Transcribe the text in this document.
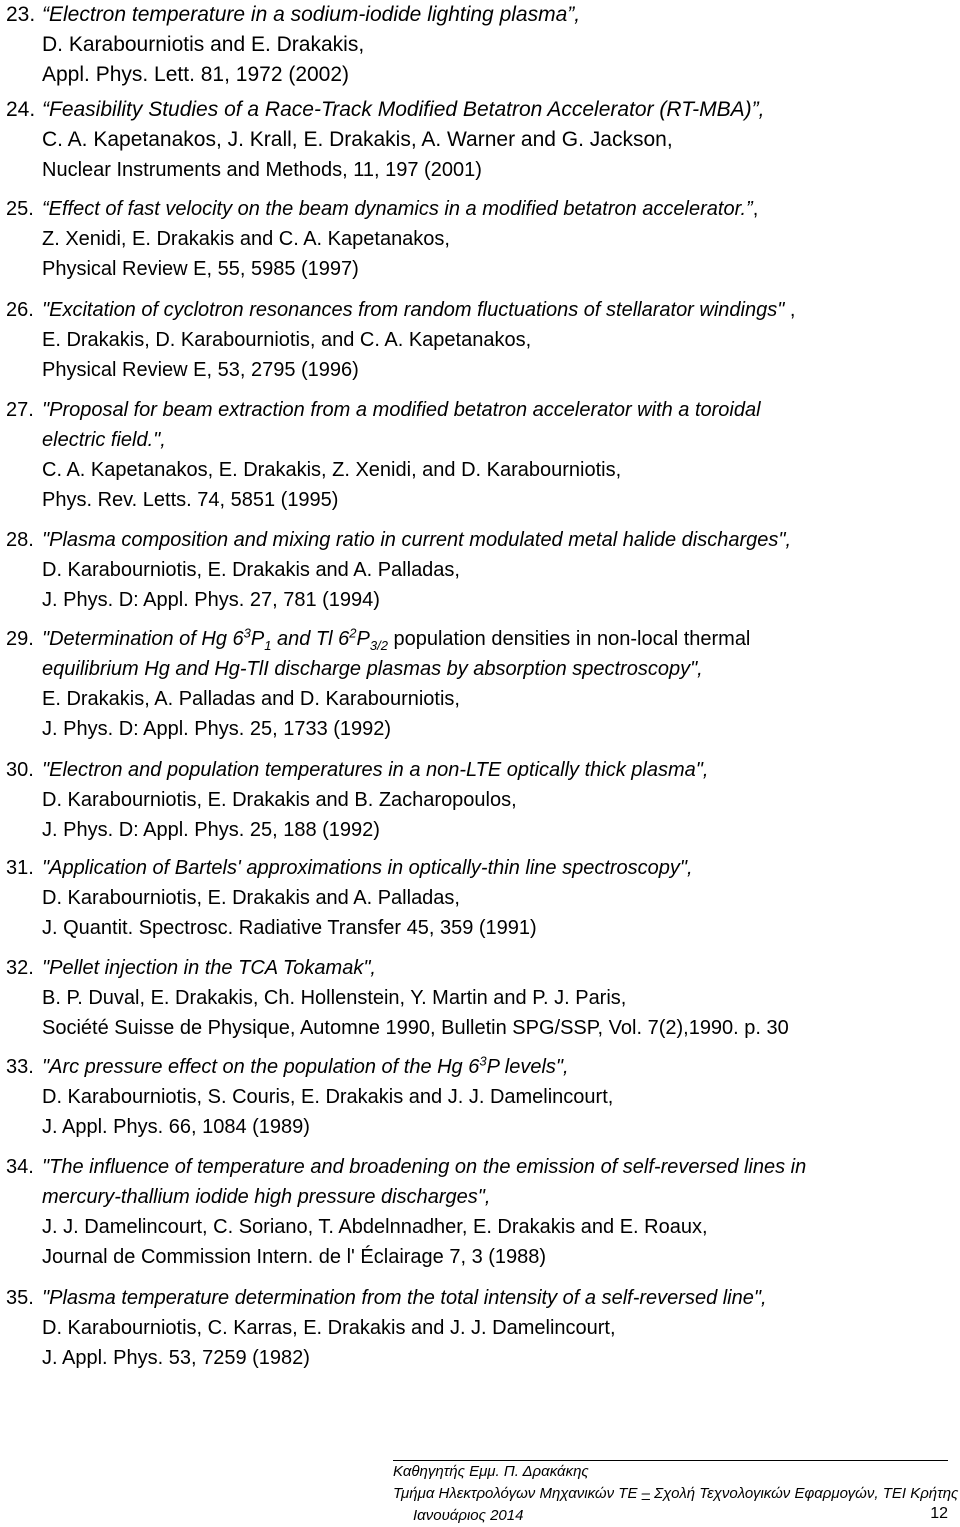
23. “Electron temperature in a sodium-iodide lighting plasma”,
D. Karabourniotis and E. Drakakis,
Appl. Phys. Lett. 81, 1972 (2002)
24. “Feasibility Studies of a Race-Track Modified Betatron Accelerator (RT-MBA)”,
C. A. Kapetanakos, J. Krall, E. Drakakis, A. Warner and G. Jackson,
Nuclear Instruments and Methods, 11, 197 (2001)
25. “Effect of fast velocity on the beam dynamics in a modified betatron accelerator.”,
Z. Xenidi, E. Drakakis and C. A. Kapetanakos,
Physical Review E, 55, 5985 (1997)
26. "Excitation of cyclotron resonances from random fluctuations of stellarator windings" ,
E. Drakakis, D. Karabourniotis, and C. A. Kapetanakos,
Physical Review E, 53, 2795 (1996)
27. "Proposal for beam extraction from a modified betatron accelerator with a toroidal
electric field.",
C. A. Kapetanakos, E. Drakakis, Z. Xenidi, and D. Karabourniotis,
Phys. Rev. Letts. 74, 5851 (1995)
28. "Plasma composition and mixing ratio in current modulated metal halide discharges",
D. Karabourniotis, E. Drakakis and A. Palladas,
J. Phys. D: Appl. Phys. 27, 781 (1994)
29. "Determination of Hg $6^3P_1$ and Tl $6^2P_{3/2}$ population densities in non-local thermal
equilibrium Hg and Hg-TlI discharge plasmas by absorption spectroscopy",
E. Drakakis, A. Palladas and D. Karabourniotis,
J. Phys. D: Appl. Phys. 25, 1733 (1992)
30. "Electron and population temperatures in a non-LTE optically thick plasma",
D. Karabourniotis, E. Drakakis and B. Zacharopoulos,
J. Phys. D: Appl. Phys. 25, 188 (1992)
31. "Application of Bartels' approximations in optically-thin line spectroscopy",
D. Karabourniotis, E. Drakakis and A. Palladas,
J. Quantit. Spectrosc. Radiative Transfer 45, 359 (1991)
32. "Pellet injection in the TCA Tokamak",
B. P. Duval, E. Drakakis, Ch. Hollenstein, Y. Martin and P. J. Paris,
Société Suisse de Physique, Automne 1990, Bulletin SPG/SSP, Vol. 7(2),1990. p. 30
33. "Arc pressure effect on the population of the Hg $6^3P$ levels",
D. Karabourniotis, S. Couris, E. Drakakis and J. J. Damelincourt,
J. Appl. Phys. 66, 1084 (1989)
34. "The influence of temperature and broadening on the emission of self-reversed lines in
mercury-thallium iodide high pressure discharges",
J. J. Damelincourt, C. Soriano, T. Abdelnnadher, E. Drakakis and E. Roaux,
Journal de Commission Intern. de l' Éclairage 7, 3 (1988)
35. "Plasma temperature determination from the total intensity of a self-reversed line",
D. Karabourniotis, C. Karras, E. Drakakis and J. J. Damelincourt,
J. Appl. Phys. 53, 7259 (1982)
Καθηγητής Εμμ. Π. Δρακάκης
Τμήμα Ηλεκτρολόγων Μηχανικών ΤΕ – Σχολή Τεχνολογικών Εφαρμογών, ΤΕΙ Κρήτης
Ιανουάριος 2014	12
